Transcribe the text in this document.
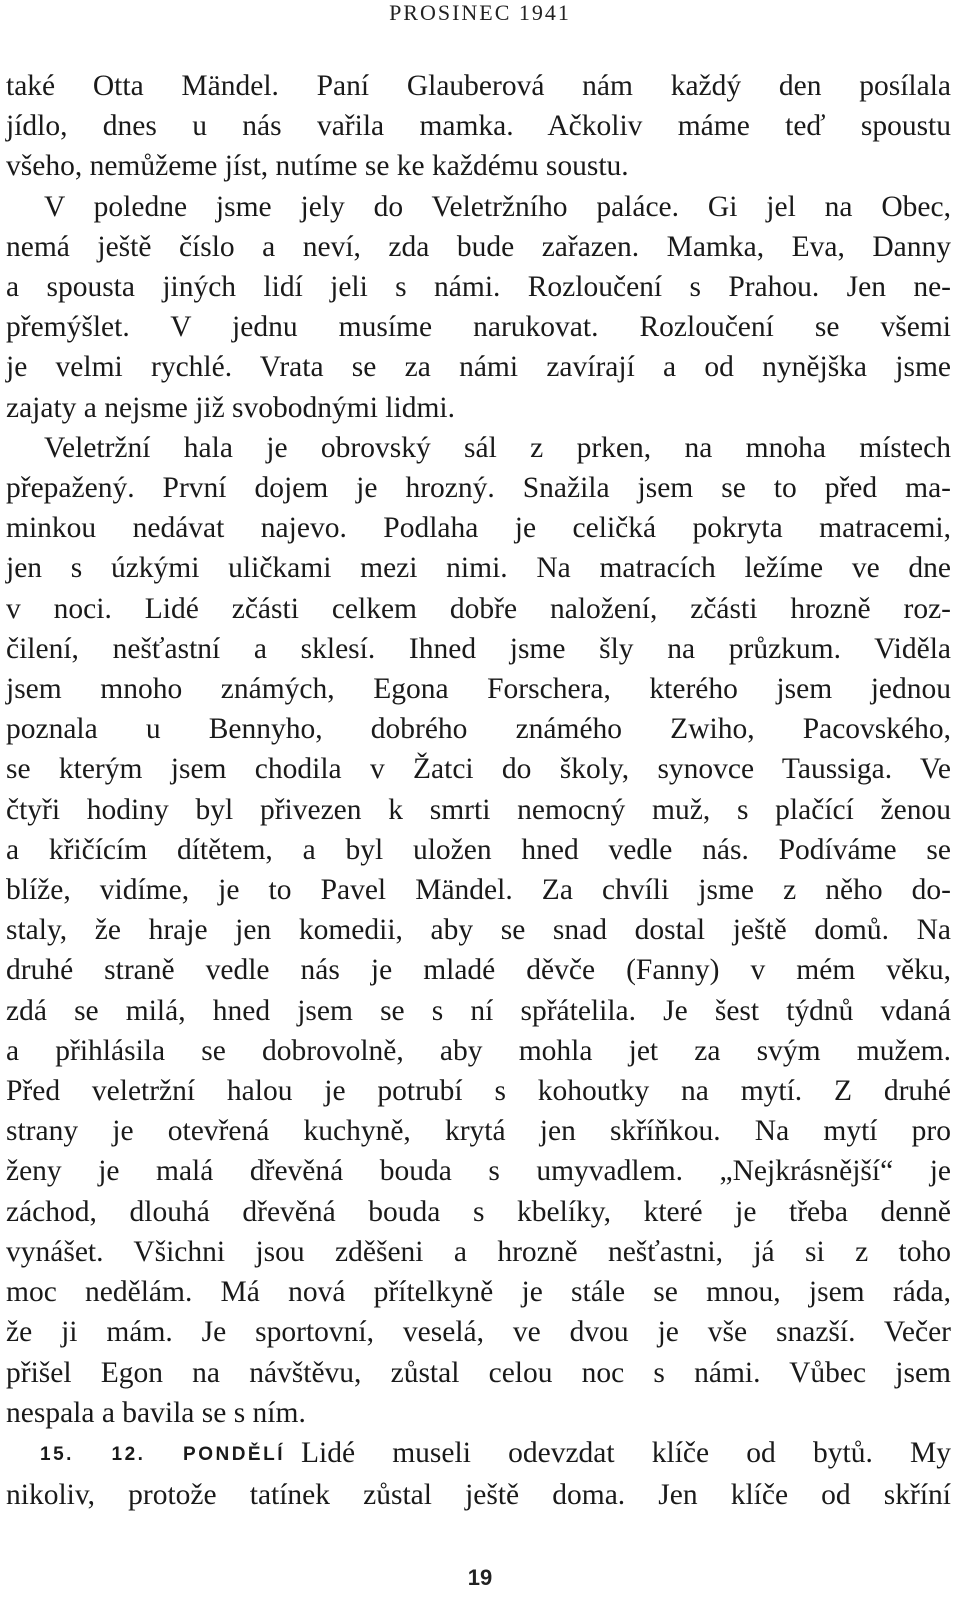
PROSINEC 1941
také Otta Mändel. Paní Glauberová nám každý den posílala
jídlo, dnes u nás vařila mamka. Ačkoliv máme teď spoustu
všeho, nemůžeme jíst, nutíme se ke každému soustu.
V poledne jsme jely do Veletržního paláce. Gi jel na Obec,
nemá ještě číslo a neví, zda bude zařazen. Mamka, Eva, Danny
a spousta jiných lidí jeli s námi. Rozloučení s Prahou. Jen ne-
přemýšlet. V jednu musíme narukovat. Rozloučení se všemi
je velmi rychlé. Vrata se za námi zavírají a od nynějška jsme
zajaty a nejsme již svobodnými lidmi.
Veletržní hala je obrovský sál z prken, na mnoha místech
přepažený. První dojem je hrozný. Snažila jsem se to před ma-
minkou nedávat najevo. Podlaha je celičká pokryta matracemi,
jen s úzkými uličkami mezi nimi. Na matracích ležíme ve dne
v noci. Lidé zčásti celkem dobře naložení, zčásti hrozně roz-
čilení, nešťastní a sklesí. Ihned jsme šly na průzkum. Viděla
jsem mnoho známých, Egona Forschera, kterého jsem jednou
poznala u Bennyho, dobrého známého Zwiho, Pacovského,
se kterým jsem chodila v Žatci do školy, synovce Taussiga. Ve
čtyři hodiny byl přivezen k smrti nemocný muž, s plačící ženou
a křičícím dítětem, a byl uložen hned vedle nás. Podíváme se
blíže, vidíme, je to Pavel Mändel. Za chvíli jsme z něho do-
staly, že hraje jen komedii, aby se snad dostal ještě domů. Na
druhé straně vedle nás je mladé děvče (Fanny) v mém věku,
zdá se milá, hned jsem se s ní spřátelila. Je šest týdnů vdaná
a přihlásila se dobrovolně, aby mohla jet za svým mužem.
Před veletržní halou je potrubí s kohoutky na mytí. Z druhé
strany je otevřená kuchyně, krytá jen skříňkou. Na mytí pro
ženy je malá dřevěná bouda s umyvadlem. „Nejkrásnější“ je
záchod, dlouhá dřevěná bouda s kbelíky, které je třeba denně
vynášet. Všichni jsou zděšeni a hrozně nešťastni, já si z toho
moc nedělám. Má nová přítelkyně je stále se mnou, jsem ráda,
že ji mám. Je sportovní, veselá, ve dvou je vše snazší. Večer
přišel Egon na návštěvu, zůstal celou noc s námi. Vůbec jsem
nespala a bavila se s ním.
15. 12. PONDĚLÍ Lidé museli odevzdat klíče od bytů. My
nikoliv, protože tatínek zůstal ještě doma. Jen klíče od skříní
19
